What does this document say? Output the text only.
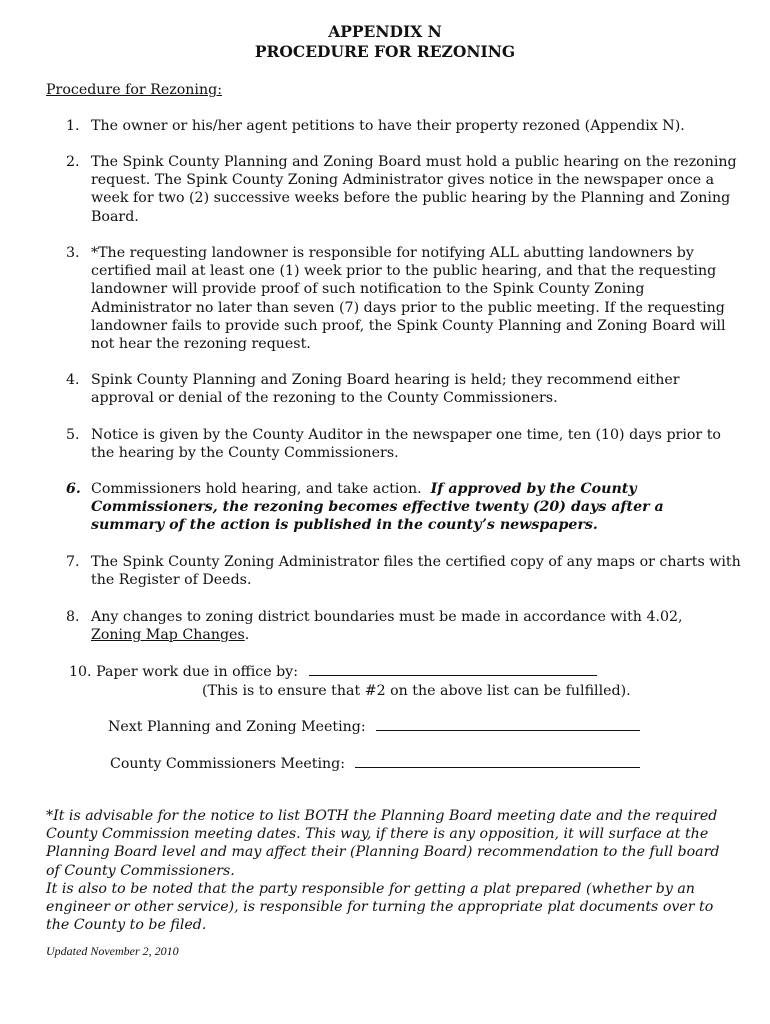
APPENDIX N
PROCEDURE FOR REZONING
Procedure for Rezoning:
1. The owner or his/her agent petitions to have their property rezoned (Appendix N).
2. The Spink County Planning and Zoning Board must hold a public hearing on the rezoning request. The Spink County Zoning Administrator gives notice in the newspaper once a week for two (2) successive weeks before the public hearing by the Planning and Zoning Board.
3. *The requesting landowner is responsible for notifying ALL abutting landowners by certified mail at least one (1) week prior to the public hearing, and that the requesting landowner will provide proof of such notification to the Spink County Zoning Administrator no later than seven (7) days prior to the public meeting. If the requesting landowner fails to provide such proof, the Spink County Planning and Zoning Board will not hear the rezoning request.
4. Spink County Planning and Zoning Board hearing is held; they recommend either approval or denial of the rezoning to the County Commissioners.
5. Notice is given by the County Auditor in the newspaper one time, ten (10) days prior to the hearing by the County Commissioners.
6. Commissioners hold hearing, and take action. If approved by the County Commissioners, the rezoning becomes effective twenty (20) days after a summary of the action is published in the county’s newspapers.
7. The Spink County Zoning Administrator files the certified copy of any maps or charts with the Register of Deeds.
8. Any changes to zoning district boundaries must be made in accordance with 4.02,
Zoning Map Changes.
10. Paper work due in office by:
(This is to ensure that #2 on the above list can be fulfilled).
Next Planning and Zoning Meeting:
County Commissioners Meeting:

*It is advisable for the notice to list BOTH the Planning Board meeting date and the required County Commission meeting dates. This way, if there is any opposition, it will surface at the Planning Board level and may affect their (Planning Board) recommendation to the full board of County Commissioners.

It is also to be noted that the party responsible for getting a plat prepared (whether by an engineer or other service), is responsible for turning the appropriate plat documents over to the County to be filed.

Updated November 2, 2010
